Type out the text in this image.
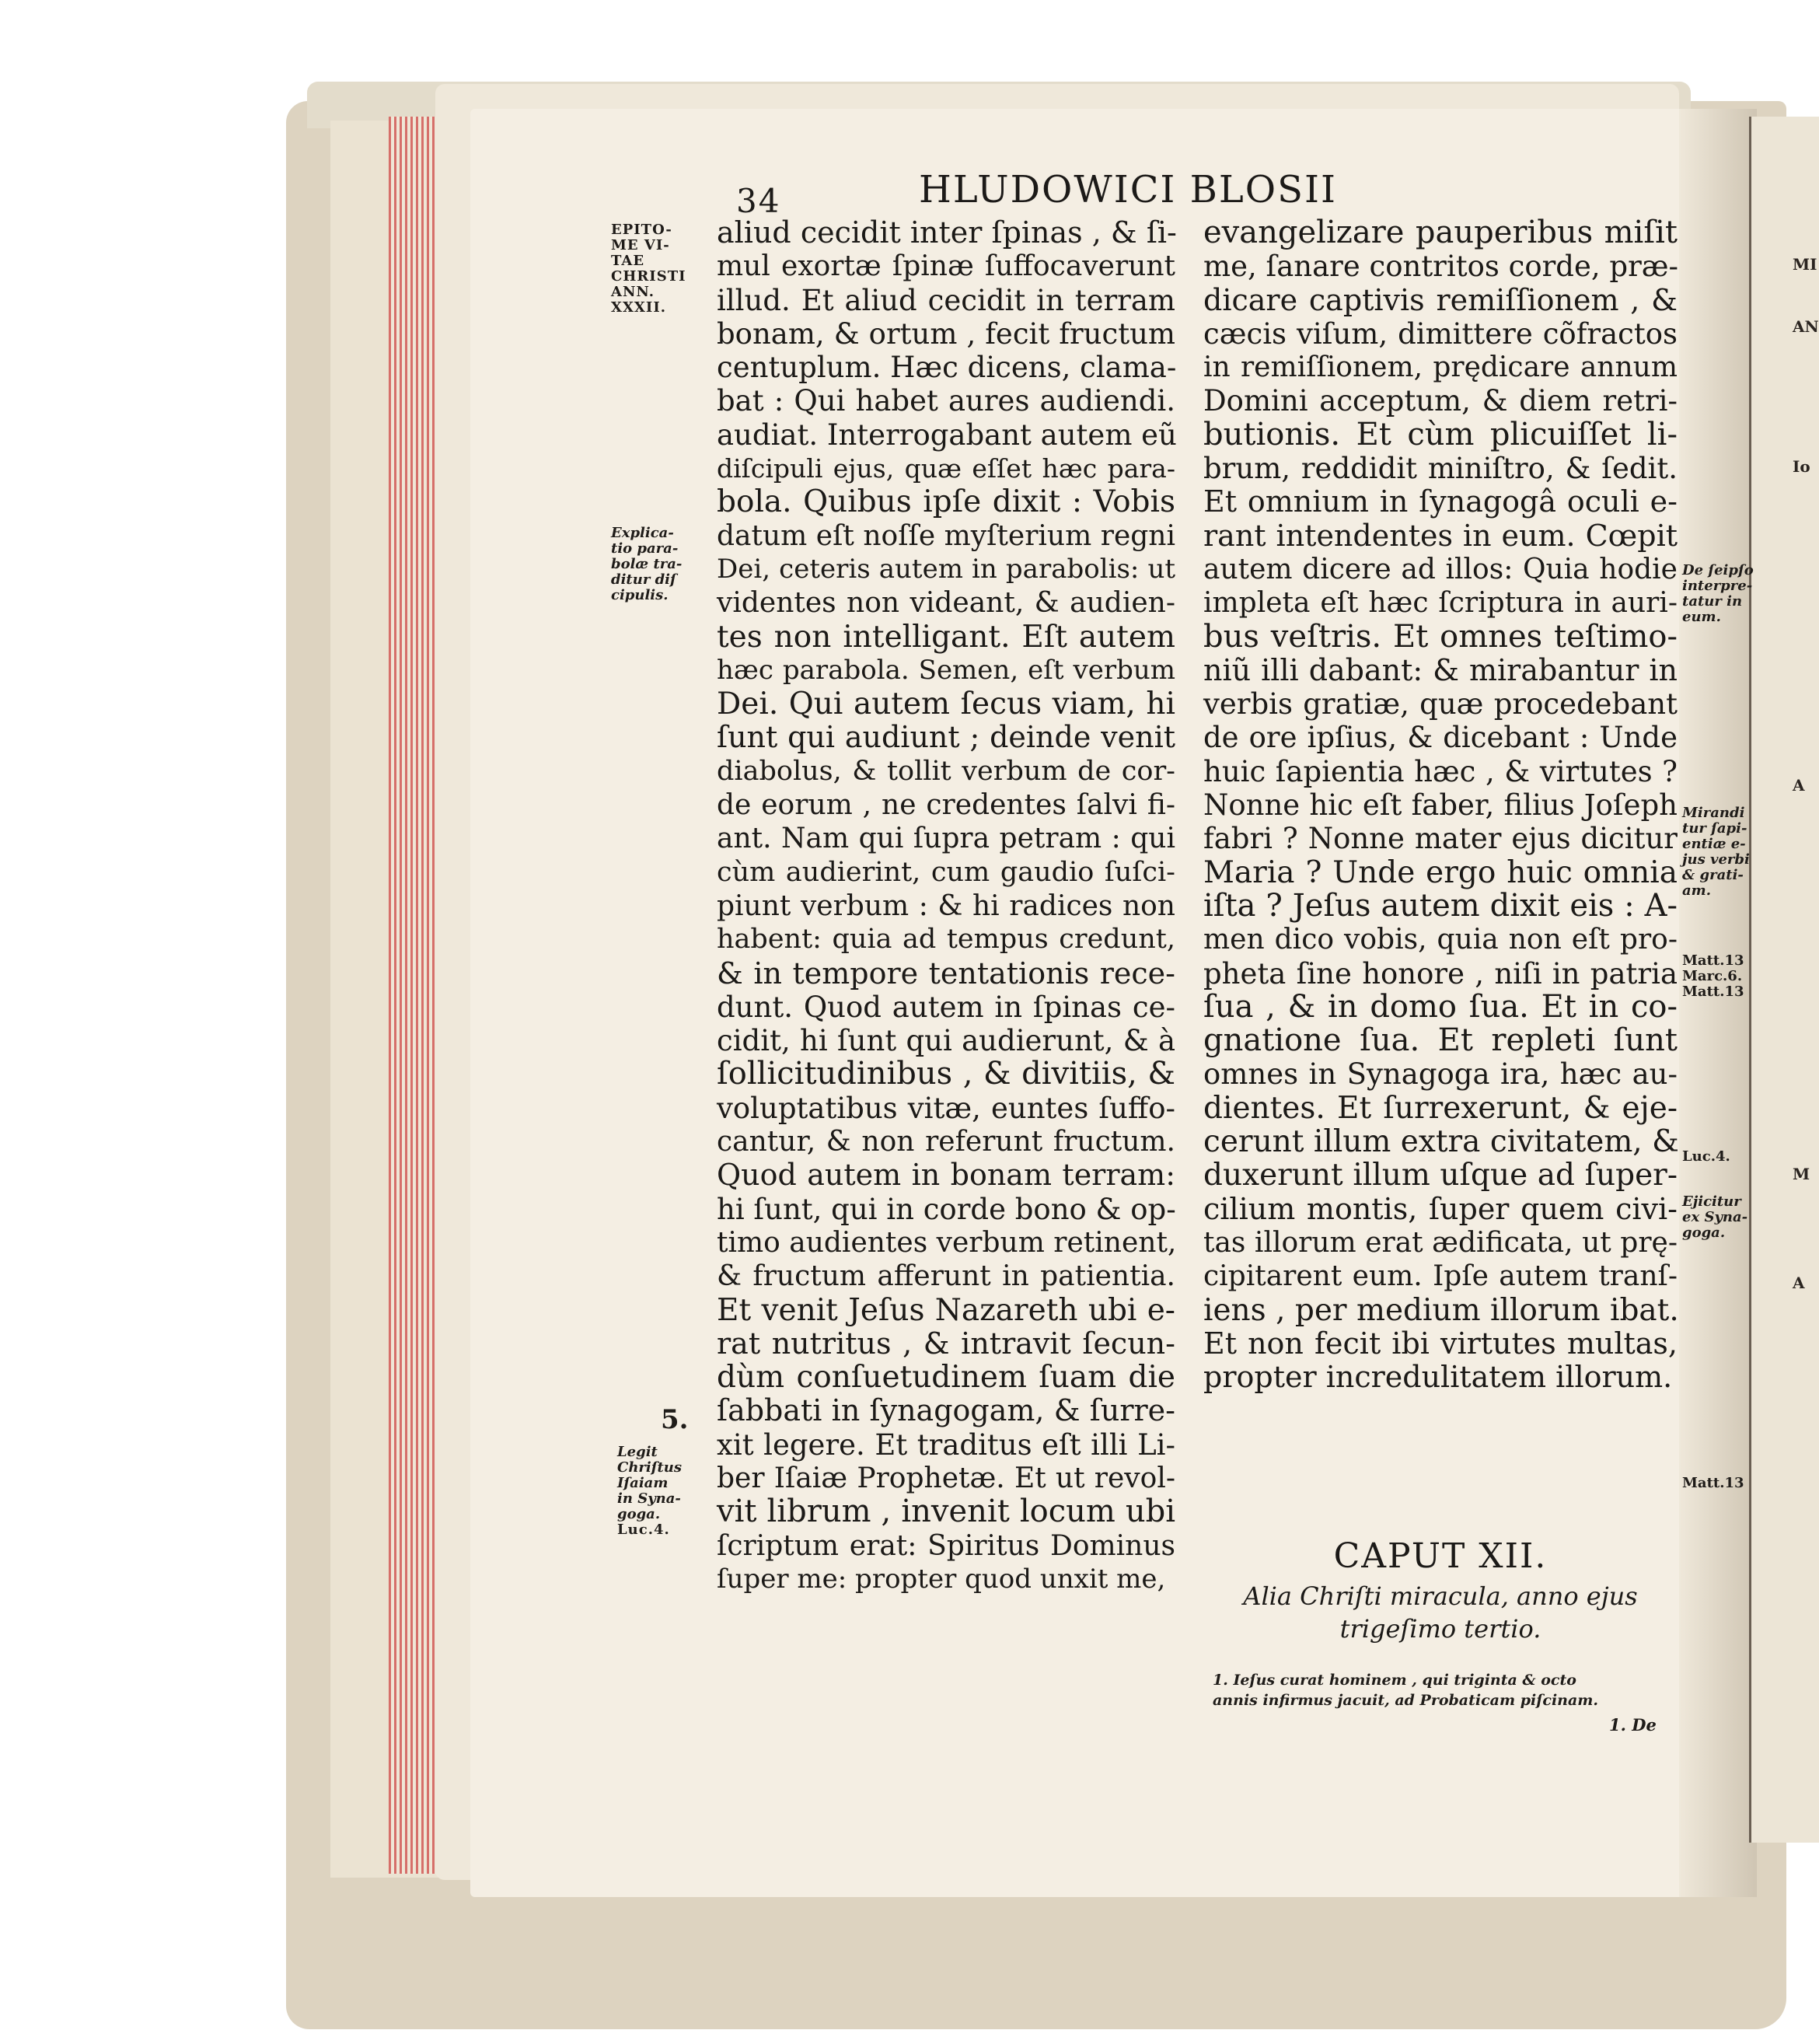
MI
AN
Io
A
M
A
34	HLUDOWICI BLOSII
aliud cecidit inter ſpinas , & ſi-
mul exortæ ſpinæ ſuffocaverunt
illud. Et aliud cecidit in terram
bonam, & ortum , fecit fructum
centuplum. Hæc dicens, clama-
bat : Qui habet aures audiendi.
audiat. Interrogabant autem eũ
diſcipuli ejus, quæ eſſet hæc para-
bola. Quibus ipſe dixit : Vobis
datum eſt noſſe myſterium regni
Dei, ceteris autem in parabolis: ut
videntes non videant, & audien-
tes non intelligant. Eſt autem
hæc parabola. Semen, eſt verbum
Dei. Qui autem ſecus viam, hi
ſunt qui audiunt ; deinde venit
diabolus, & tollit verbum de cor-
de eorum , ne credentes ſalvi fi-
ant. Nam qui ſupra petram : qui
cùm audierint, cum gaudio ſuſci-
piunt verbum : & hi radices non
habent: quia ad tempus credunt,
& in tempore tentationis rece-
dunt. Quod autem in ſpinas ce-
cidit, hi ſunt qui audierunt, & à
ſollicitudinibus , & divitiis, &
voluptatibus vitæ, euntes ſuffo-
cantur, & non referunt fructum.
Quod autem in bonam terram:
hi ſunt, qui in corde bono & op-
timo audientes verbum retinent,
& fructum afferunt in patientia.
Et venit Jeſus Nazareth ubi e-
rat nutritus , & intravit ſecun-
dùm conſuetudinem ſuam die
ſabbati in ſynagogam, & ſurre-
xit legere. Et traditus eſt illi Li-
ber Iſaiæ Prophetæ. Et ut revol-
vit librum , invenit locum ubi
ſcriptum erat: Spiritus Dominus
ſuper me: propter quod unxit me,
evangelizare pauperibus miſit
me, ſanare contritos corde, præ-
dicare captivis remiſſionem , &
cæcis viſum, dimittere cõfractos
in remiſſionem, prędicare annum
Domini acceptum, & diem retri-
butionis. Et cùm plicuiſſet li-
brum, reddidit miniſtro, & ſedit.
Et omnium in ſynagogâ oculi e-
rant intendentes in eum. Cœpit
autem dicere ad illos: Quia hodie
impleta eſt hæc ſcriptura in auri-
bus veſtris. Et omnes teſtimo-
niũ illi dabant: & mirabantur in
verbis gratiæ, quæ procedebant
de ore ipſius, & dicebant : Unde
huic ſapientia hæc , & virtutes ?
Nonne hic eſt faber, filius Joſeph
fabri ? Nonne mater ejus dicitur
Maria ? Unde ergo huic omnia
iſta ? Jeſus autem dixit eis : A-
men dico vobis, quia non eſt pro-
pheta ſine honore , niſi in patria
ſua , & in domo ſua. Et in co-
gnatione ſua. Et repleti ſunt
omnes in Synagoga ira, hæc au-
dientes. Et ſurrexerunt, & eje-
cerunt illum extra civitatem, &
duxerunt illum uſque ad ſuper-
cilium montis, ſuper quem civi-
tas illorum erat ædificata, ut prę-
cipitarent eum. Ipſe autem tranſ-
iens , per medium illorum ibat.
Et non fecit ibi virtutes multas,
propter incredulitatem illorum.
EPITO-
ME VI-
TAE
CHRISTI
ANN.
XXXII.
Explica-
tio para-
bolæ tra-
ditur diſ
cipulis.
5.
Legit
Chriſtus
Iſaiam
in Syna-
goga.
Luc.4.
De ſeipſo
interpre-
tatur in
eum.
Mirandi
tur ſapi-
entiæ e-
jus verbi
& grati-
am.
Matt.13
Marc.6.
Matt.13
Luc.4.
Ejicitur
ex Syna-
goga.
Matt.13
CAPUT XII.
Alia Chriſti miracula, anno ejus
trigeſimo tertio.
1. Ieſus curat hominem , qui triginta & octo
annis infirmus jacuit, ad Probaticam piſcinam.
1. De
